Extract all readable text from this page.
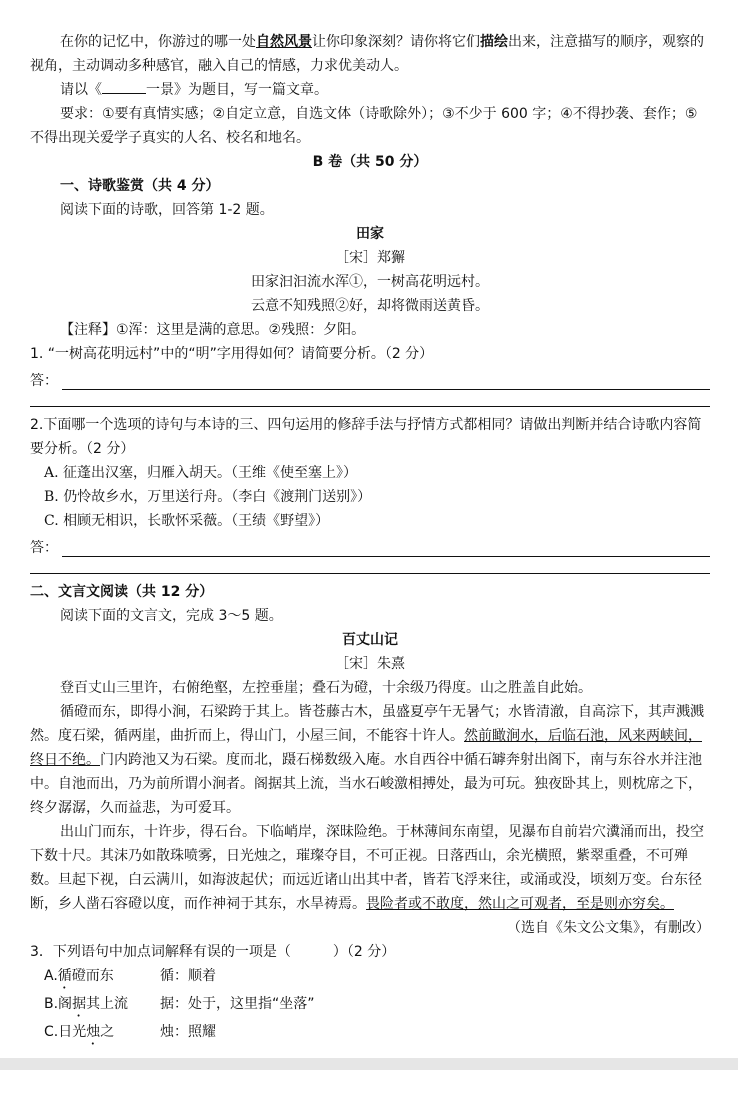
在你的记忆中，你游过的哪一处自然风景让你印象深刻？请你将它们描绘出来，注意描写的顺序，观察的视角，主动调动多种感官，融入自己的情感，力求优美动人。

请以《	一景》为题目，写一篇文章。

要求：①要有真情实感；②自定立意，自选文体（诗歌除外）；③不少于 600 字；④不得抄袭、套作；⑤不得出现关爱学子真实的人名、校名和地名。

B 卷（共 50 分）

一、诗歌鉴赏（共 4 分）

阅读下面的诗歌，回答第 1-2 题。

田家

［宋］郑獬

田家汩汩流水浑①，一树高花明远村。

云意不知残照②好，却将微雨送黄昏。

【注释】①浑：这里是满的意思。②残照：夕阳。

1. “一树高花明远村”中的“明”字用得如何？请简要分析。（2 分）

答：

2.下面哪一个选项的诗句与本诗的三、四句运用的修辞手法与抒情方式都相同？请做出判断并结合诗歌内容简要分析。（2 分）

A. 征蓬出汉塞，归雁入胡天。（王维《使至塞上》）

B. 仍怜故乡水，万里送行舟。（李白《渡荆门送别》）

C. 相顾无相识，长歌怀采薇。（王绩《野望》）

答：

二、文言文阅读（共 12 分）

阅读下面的文言文，完成 3～5 题。

百丈山记

［宋］朱熹

登百丈山三里许，右俯绝壑，左控垂崖；叠石为磴，十余级乃得度。山之胜盖自此始。

循磴而东，即得小涧，石梁跨于其上。皆苍藤古木，虽盛夏亭午无暑气；水皆清澈，自高淙下，其声溅溅然。度石梁，循两崖，曲折而上，得山门，小屋三间，不能容十许人。然前瞰涧水，后临石池，风来两峡间，终日不绝。门内跨池又为石梁。度而北，蹑石梯数级入庵。水自西谷中循石罅奔射出阁下，南与东谷水并注池中。自池而出，乃为前所谓小涧者。阁据其上流，当水石峻激相搏处，最为可玩。独夜卧其上，则枕席之下，终夕潺潺，久而益悲，为可爱耳。

出山门而东，十许步，得石台。下临峭岸，深昧险绝。于林薄间东南望，见瀑布自前岩穴瀵涌而出，投空下数十尺。其沫乃如散珠喷雾，日光烛之，璀璨夺目，不可正视。日落西山，余光横照，紫翠重叠，不可殚数。旦起下视，白云满川，如海波起伏；而远近诸山出其中者，皆若飞浮来往，或涌或没，顷刻万变。台东径断，乡人凿石容磴以度，而作神祠于其东，水旱祷焉。畏险者或不敢度，然山之可观者，至是则亦穷矣。

（选自《朱文公文集》，有删改）

3．下列语句中加点词解释有误的一项是（　　　）（2 分）

A.循磴而东	循：顺着
B.阁据其上流	据：处于，这里指“坐落”
C.日光烛之	烛：照耀
